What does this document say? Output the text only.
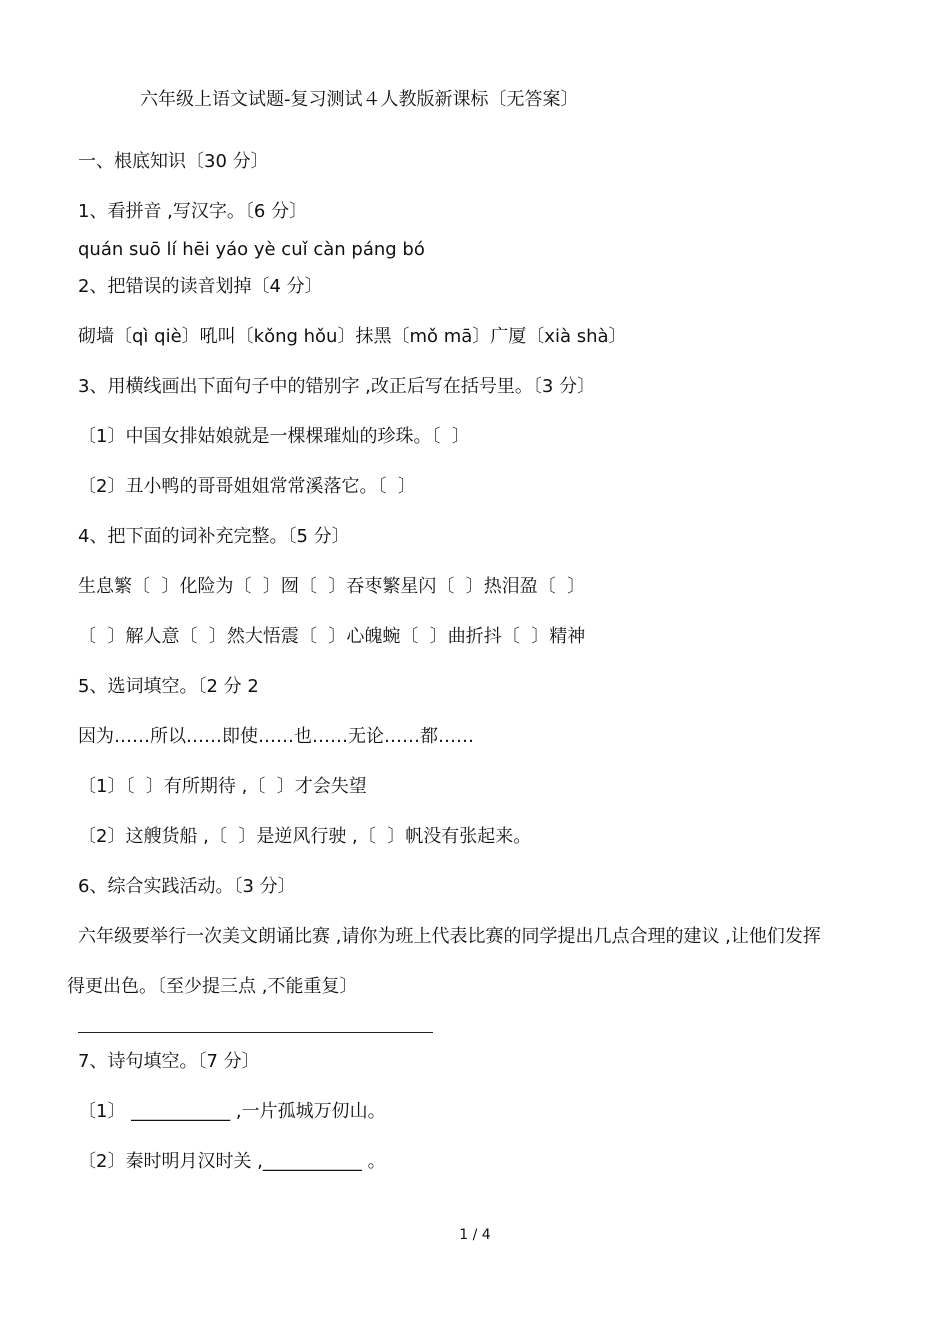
六年级上语文试题-复习测试４人教版新课标〔无答案〕
一、根底知识〔30 分〕
1、看拼音 ,写汉字。〔6 分〕
quán suō lí hēi yáo yè cuǐ càn páng bó
2、把错误的读音划掉〔4 分〕
砌墙〔qì qiè〕吼叫〔kǒng hǒu〕抹黑〔mǒ mā〕广厦〔xià shà〕
3、用横线画出下面句子中的错别字 ,改正后写在括号里。〔3 分〕
〔1〕中国女排姑娘就是一棵棵璀灿的珍珠。〔  〕
〔2〕丑小鸭的哥哥姐姐常常溪落它。〔  〕
4、把下面的词补充完整。〔5 分〕
生息繁〔  〕化险为〔  〕囫〔  〕吞枣繁星闪〔  〕热泪盈〔  〕
〔  〕解人意〔  〕然大悟震〔  〕心魄蜿〔  〕曲折抖〔  〕精神
5、选词填空。〔2 分 2
因为……所以……即使……也……无论……都……
〔1〕〔  〕有所期待 ,〔  〕才会失望
〔2〕这艘货船 ,〔  〕是逆风行驶 ,〔  〕帆没有张起来。
6、综合实践活动。〔3 分〕
六年级要举行一次美文朗诵比赛 ,请你为班上代表比赛的同学提出几点合理的建议 ,让他们发挥
得更出色。〔至少提三点 ,不能重复〕
7、诗句填空。〔7 分〕
〔1〕 ___________ ,一片孤城万仞山。
〔2〕秦时明月汉时关 ,___________ 。
1 / 4
